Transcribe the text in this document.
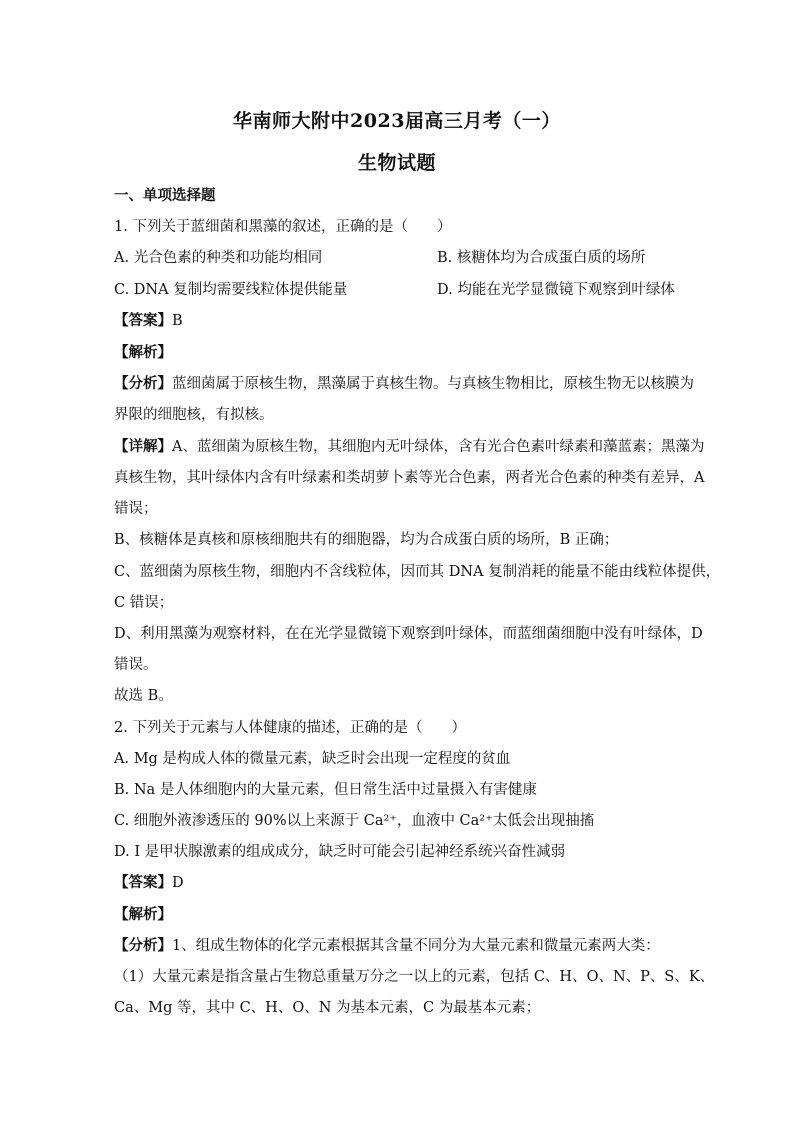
华南师大附中2023届高三月考（一）
生物试题
一、单项选择题
1. 下列关于蓝细菌和黑藻的叙述，正确的是（　　）
A. 光合色素的种类和功能均相同	B. 核糖体均为合成蛋白质的场所
C. DNA 复制均需要线粒体提供能量	D. 均能在光学显微镜下观察到叶绿体
【答案】B
【解析】
【分析】蓝细菌属于原核生物，黑藻属于真核生物。与真核生物相比，原核生物无以核膜为
界限的细胞核，有拟核。
【详解】A、蓝细菌为原核生物，其细胞内无叶绿体，含有光合色素叶绿素和藻蓝素；黑藻为
真核生物，其叶绿体内含有叶绿素和类胡萝卜素等光合色素，两者光合色素的种类有差异，A
错误；
B、核糖体是真核和原核细胞共有的细胞器，均为合成蛋白质的场所，B 正确；
C、蓝细菌为原核生物，细胞内不含线粒体，因而其 DNA 复制消耗的能量不能由线粒体提供，
C 错误；
D、利用黑藻为观察材料，在在光学显微镜下观察到叶绿体，而蓝细菌细胞中没有叶绿体，D
错误。
故选 B。
2. 下列关于元素与人体健康的描述，正确的是（　　）
A. Mg 是构成人体的微量元素，缺乏时会出现一定程度的贫血
B. Na 是人体细胞内的大量元素，但日常生活中过量摄入有害健康
C. 细胞外液渗透压的 90%以上来源于 Ca²⁺，血液中 Ca²⁺太低会出现抽搐
D. I 是甲状腺激素的组成成分，缺乏时可能会引起神经系统兴奋性减弱
【答案】D
【解析】
【分析】1、组成生物体的化学元素根据其含量不同分为大量元素和微量元素两大类：
（1）大量元素是指含量占生物总重量万分之一以上的元素，包括 C、H、O、N、P、S、K、
Ca、Mg 等，其中 C、H、O、N 为基本元素，C 为最基本元素；
